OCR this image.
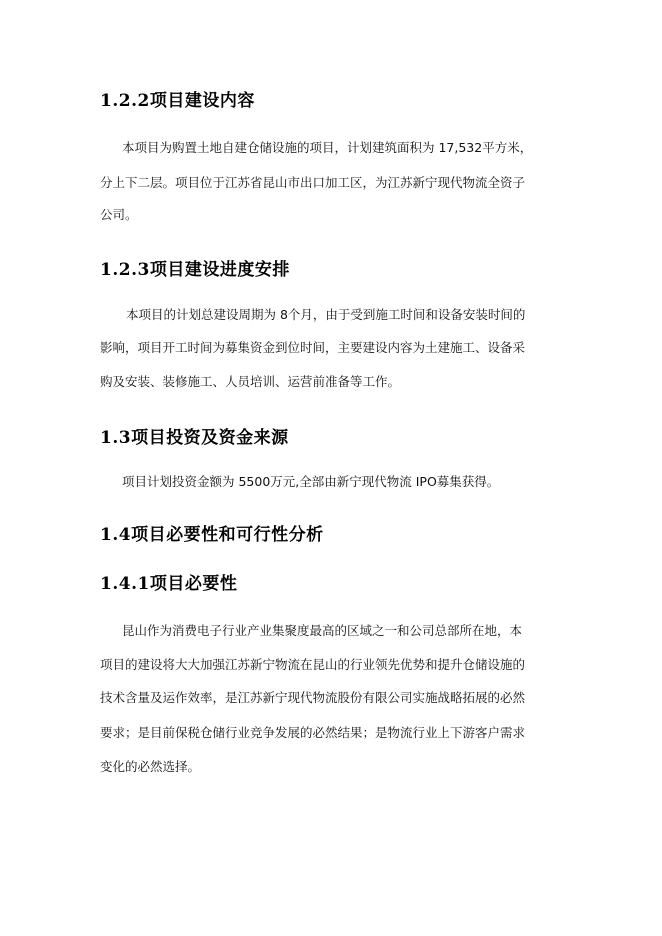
1.2.2项目建设内容
本项目为购置土地自建仓储设施的项目，计划建筑面积为 17,532平方米，
分上下二层。项目位于江苏省昆山市出口加工区，为江苏新宁现代物流全资子
公司。
1.2.3项目建设进度安排
本项目的计划总建设周期为 8个月，由于受到施工时间和设备安装时间的
影响，项目开工时间为募集资金到位时间，主要建设内容为土建施工、设备采
购及安装、装修施工、人员培训、运营前准备等工作。
1.3项目投资及资金来源
项目计划投资金额为 5500万元,全部由新宁现代物流 IPO募集获得。
1.4项目必要性和可行性分析
1.4.1项目必要性
昆山作为消费电子行业产业集聚度最高的区域之一和公司总部所在地，本
项目的建设将大大加强江苏新宁物流在昆山的行业领先优势和提升仓储设施的
技术含量及运作效率，是江苏新宁现代物流股份有限公司实施战略拓展的必然
要求；是目前保税仓储行业竞争发展的必然结果；是物流行业上下游客户需求
变化的必然选择。
